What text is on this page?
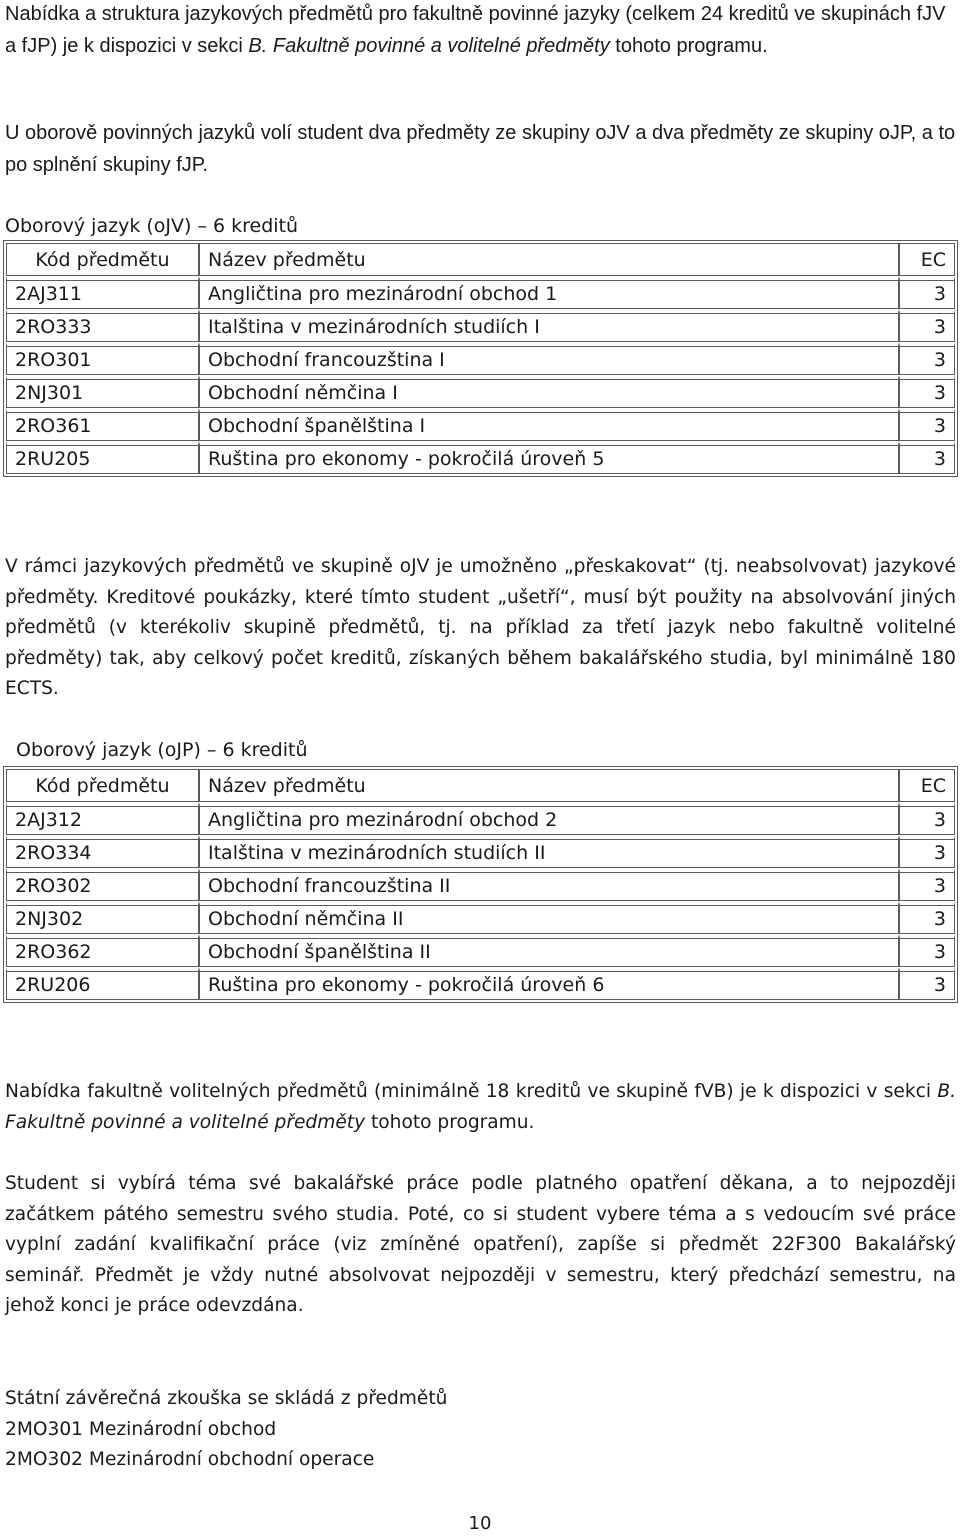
Nabídka a struktura jazykových předmětů pro fakultně povinné jazyky (celkem 24 kreditů ve skupinách fJV a fJP) je k dispozici v sekci B. Fakultně povinné a volitelné předměty tohoto programu.

U oborově povinných jazyků volí student dva předměty ze skupiny oJV a dva předměty ze skupiny oJP, a to po splnění skupiny fJP.

Oborový jazyk (oJV) – 6 kreditů

Kód předmětu	Název předmětu	EC
2AJ311	Angličtina pro mezinárodní obchod 1	3
2RO333	Italština v mezinárodních studiích I	3
2RO301	Obchodní francouzština I	3
2NJ301	Obchodní němčina I	3
2RO361	Obchodní španělština I	3
2RU205	Ruština pro ekonomy - pokročilá úroveň 5	3

V rámci jazykových předmětů ve skupině oJV je umožněno „přeskakovat“ (tj. neabsolvovat) jazykové předměty. Kreditové poukázky, které tímto student „ušetří“, musí být použity na absolvování jiných předmětů (v kterékoliv skupině předmětů, tj. na příklad za třetí jazyk nebo fakultně volitelné předměty) tak, aby celkový počet kreditů, získaných během bakalářského studia, byl minimálně 180 ECTS.

Oborový jazyk (oJP) – 6 kreditů

Kód předmětu	Název předmětu	EC
2AJ312	Angličtina pro mezinárodní obchod 2	3
2RO334	Italština v mezinárodních studiích II	3
2RO302	Obchodní francouzština II	3
2NJ302	Obchodní němčina II	3
2RO362	Obchodní španělština II	3
2RU206	Ruština pro ekonomy - pokročilá úroveň 6	3

Nabídka fakultně volitelných předmětů (minimálně 18 kreditů ve skupině fVB) je k dispozici v sekci B. Fakultně povinné a volitelné předměty tohoto programu.

Student si vybírá téma své bakalářské práce podle platného opatření děkana, a to nejpozději začátkem pátého semestru svého studia. Poté, co si student vybere téma a s vedoucím své práce vyplní zadání kvalifikační práce (viz zmíněné opatření), zapíše si předmět 22F300 Bakalářský seminář. Předmět je vždy nutné absolvovat nejpozději v semestru, který předchází semestru, na jehož konci je práce odevzdána.

Státní závěrečná zkouška se skládá z předmětů

2MO301 Mezinárodní obchod

2MO302 Mezinárodní obchodní operace

10
